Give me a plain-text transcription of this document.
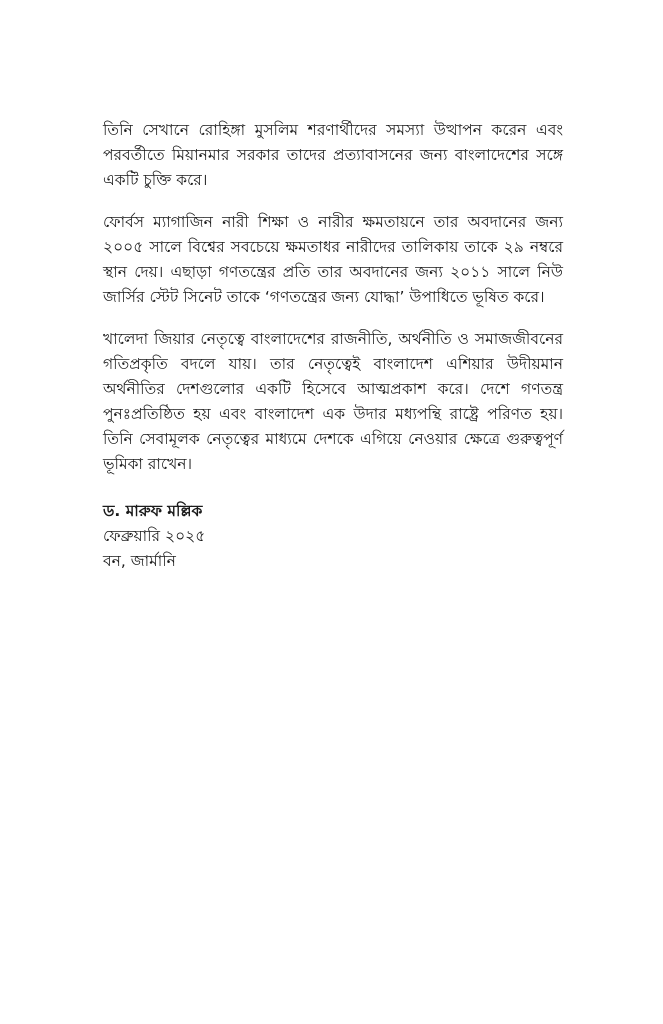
তিনি সেখানে রোহিঙ্গা মুসলিম শরণার্থীদের সমস্যা উত্থাপন করেন এবং পরবর্তীতে মিয়ানমার সরকার তাদের প্রত্যাবাসনের জন্য বাংলাদেশের সঙ্গে একটি চুক্তি করে।

ফোর্বস ম্যাগাজিন নারী শিক্ষা ও নারীর ক্ষমতায়নে তার অবদানের জন্য ২০০৫ সালে বিশ্বের সবচেয়ে ক্ষমতাধর নারীদের তালিকায় তাকে ২৯ নম্বরে স্থান দেয়। এছাড়া গণতন্ত্রের প্রতি তার অবদানের জন্য ২০১১ সালে নিউ জার্সির স্টেট সিনেট তাকে ‘গণতন্ত্রের জন্য যোদ্ধা’ উপাধিতে ভূষিত করে।

খালেদা জিয়ার নেতৃত্বে বাংলাদেশের রাজনীতি, অর্থনীতি ও সমাজজীবনের গতিপ্রকৃতি বদলে যায়। তার নেতৃত্বেই বাংলাদেশ এশিয়ার উদীয়মান অর্থনীতির দেশগুলোর একটি হিসেবে আত্মপ্রকাশ করে। দেশে গণতন্ত্র পুনঃপ্রতিষ্ঠিত হয় এবং বাংলাদেশ এক উদার মধ্যপন্থি রাষ্ট্রে পরিণত হয়। তিনি সেবামূলক নেতৃত্বের মাধ্যমে দেশকে এগিয়ে নেওয়ার ক্ষেত্রে গুরুত্বপূর্ণ ভূমিকা রাখেন।

ড. মারুফ মল্লিক
ফেব্রুয়ারি ২০২৫
বন, জার্মানি
